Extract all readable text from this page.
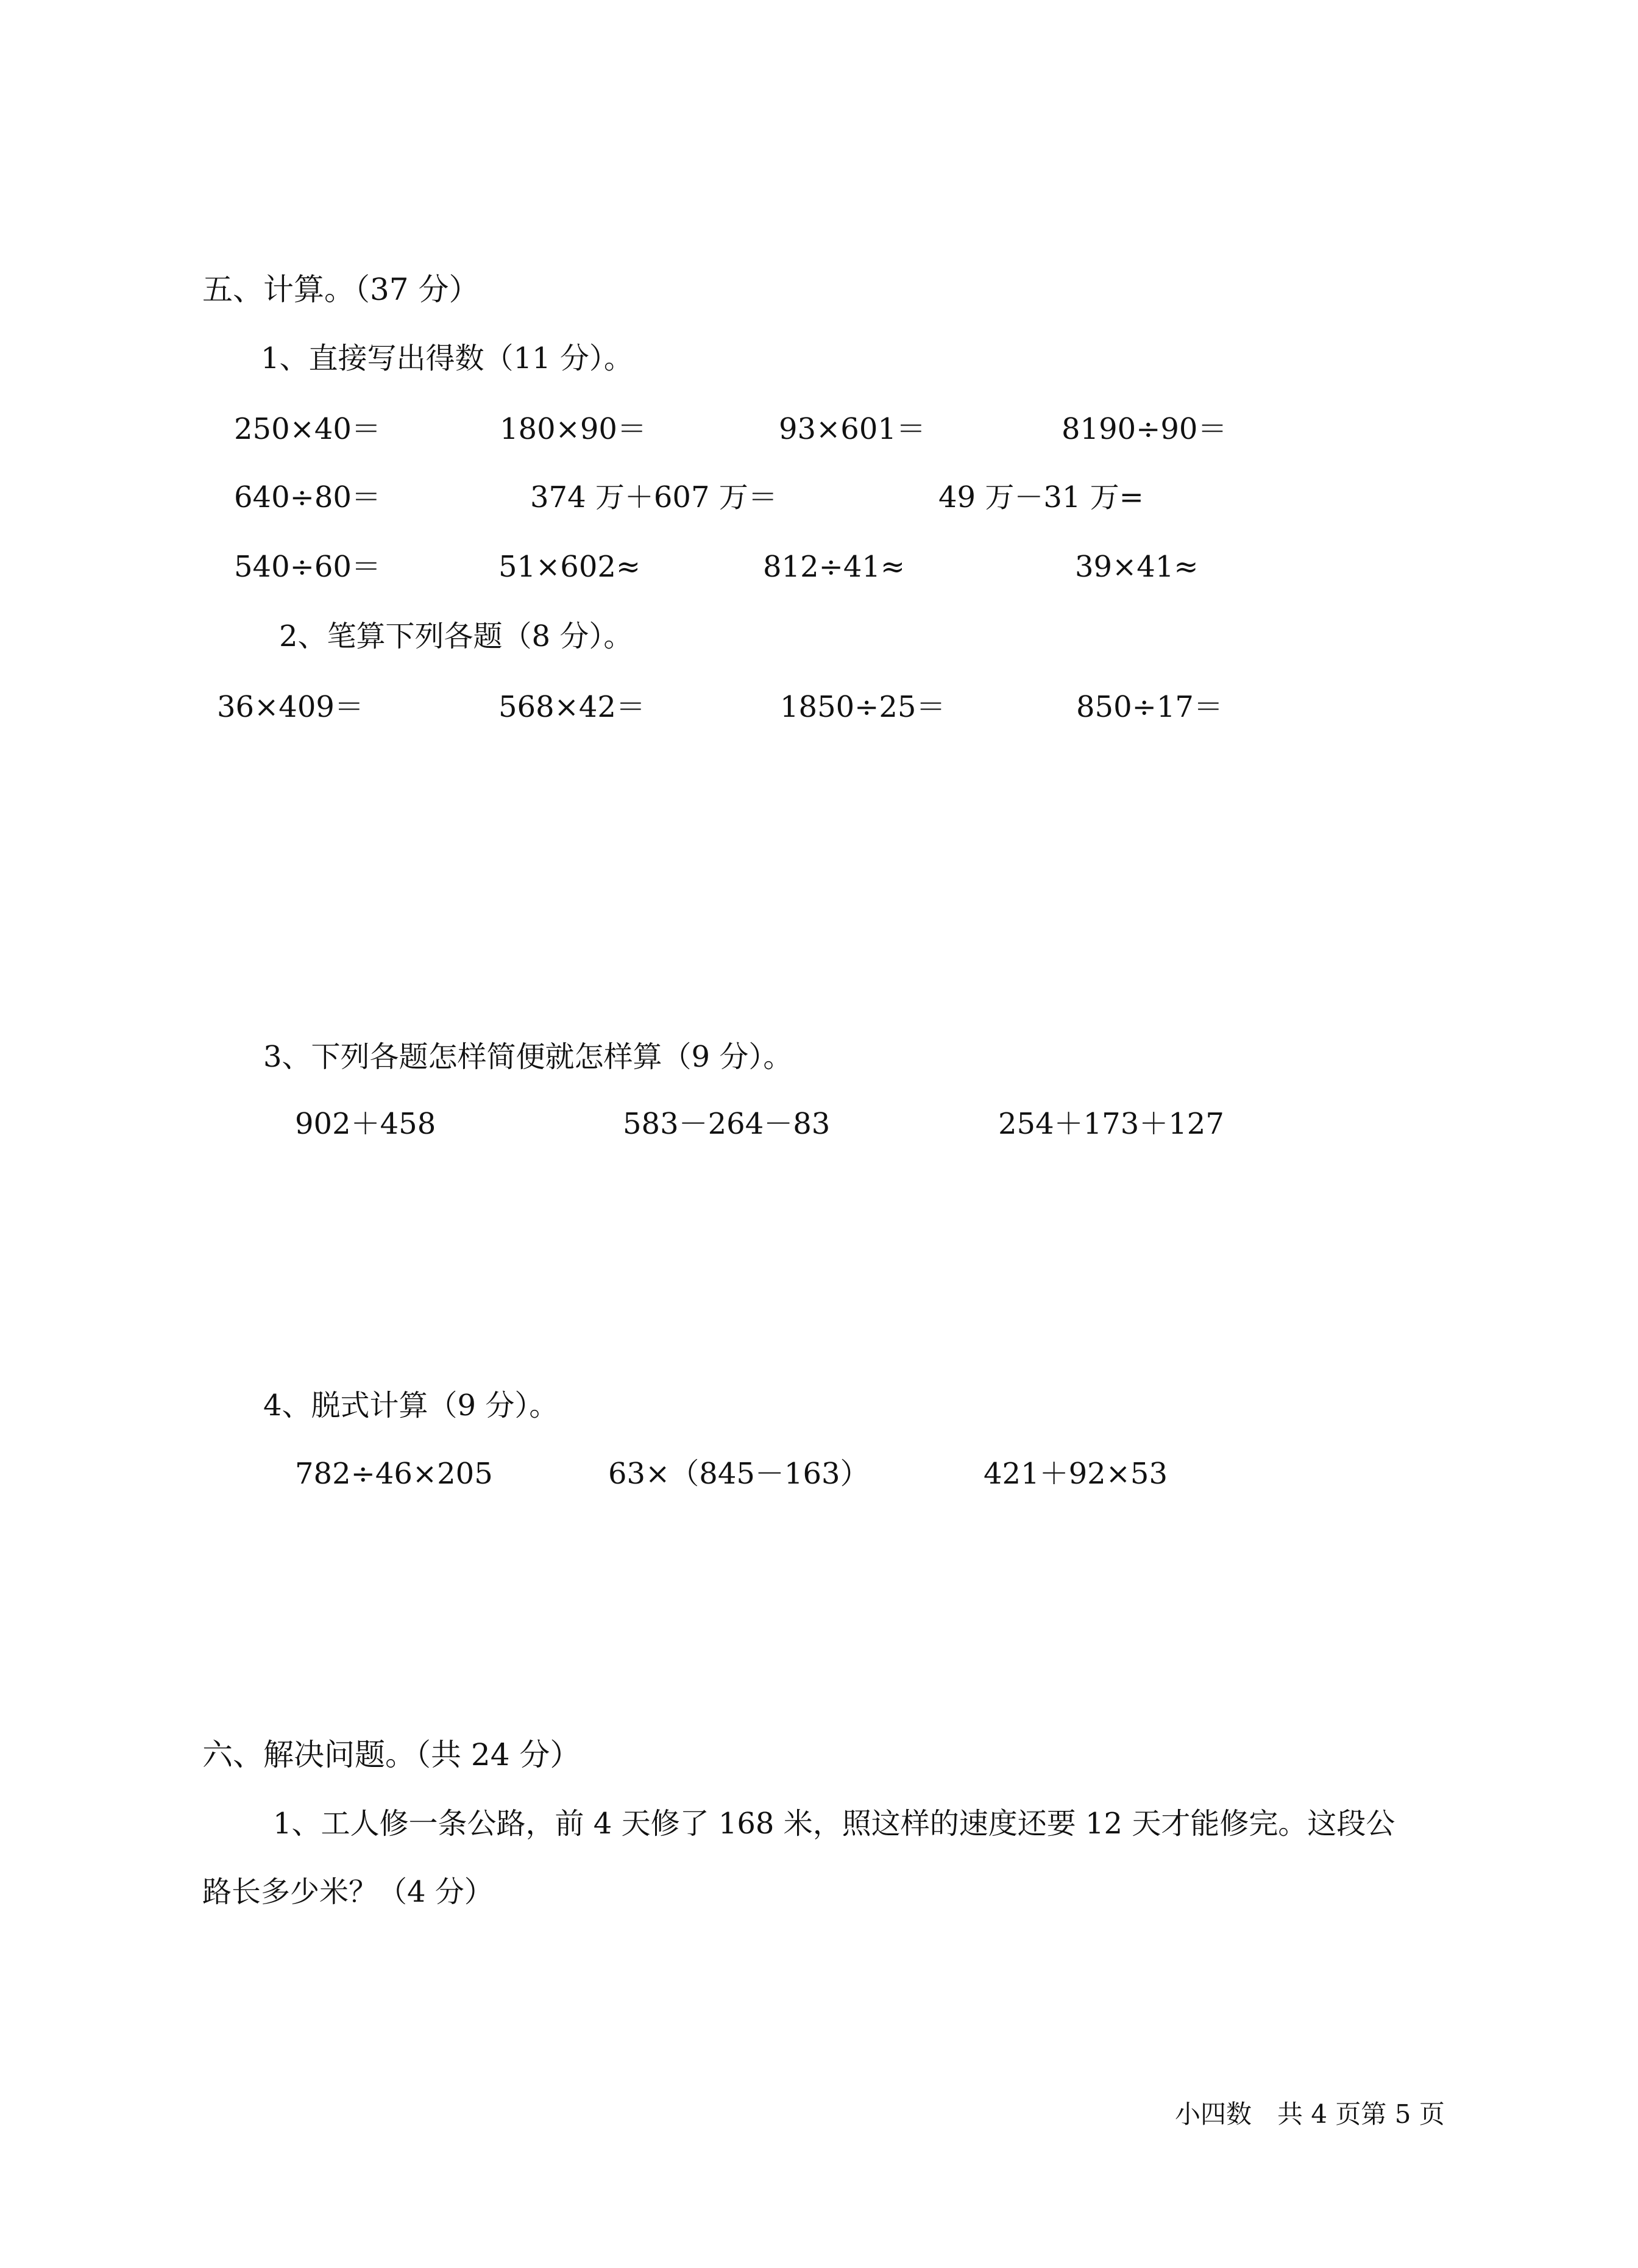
五、计算。（37 分）
1、直接写出得数（11 分）。
250×40＝	180×90＝	93×601＝	8190÷90＝
640÷80＝	374 万＋607 万＝	49 万－31 万=
540÷60＝	51×602≈	812÷41≈	39×41≈
2、笔算下列各题（8 分）。
36×409＝	568×42＝	1850÷25＝	850÷17＝
3、下列各题怎样简便就怎样算（9 分）。
902＋458	583－264－83	254＋173＋127
4、脱式计算（9 分）。
782÷46×205	63×（845－163）	421＋92×53
六、解决问题。（共 24 分）
1、工人修一条公路，前 4 天修了 168 米，照这样的速度还要 12 天才能修完。这段公
路长多少米？（4 分）
小四数　共 4 页第 5 页
